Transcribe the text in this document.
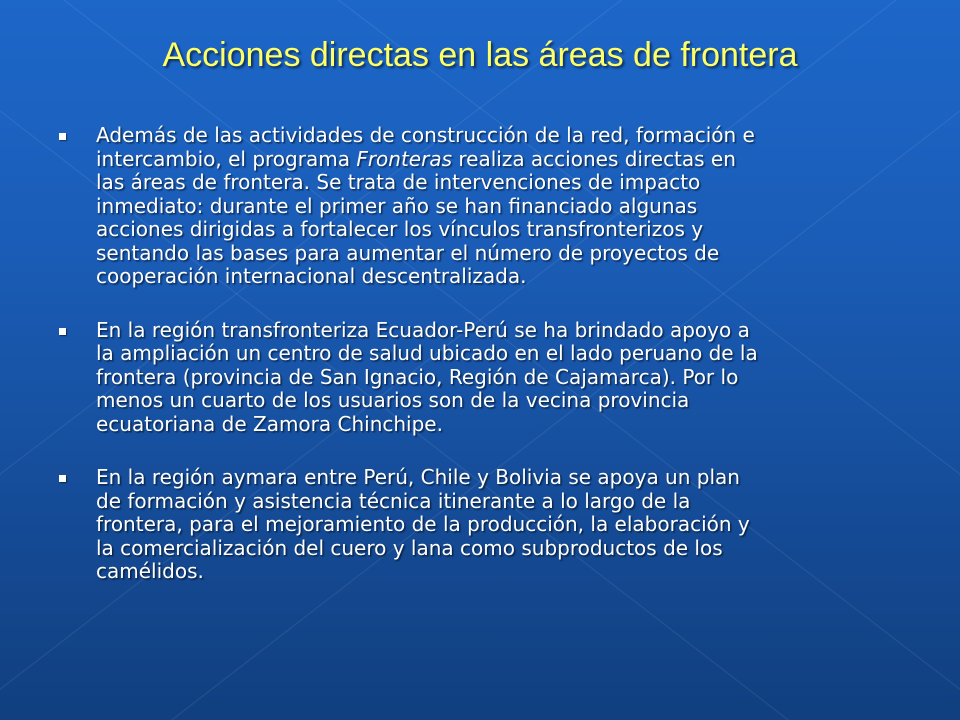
Acciones directas en las áreas de frontera
Además de las actividades de construcción de la red, formación e
intercambio, el programa Fronteras realiza acciones directas en
las áreas de frontera. Se trata de intervenciones de impacto
inmediato: durante el primer año se han financiado algunas
acciones dirigidas a fortalecer los vínculos transfronterizos y
sentando las bases para aumentar el número de proyectos de
cooperación internacional descentralizada.
En la región transfronteriza Ecuador-Perú se ha brindado apoyo a
la ampliación un centro de salud ubicado en el lado peruano de la
frontera (provincia de San Ignacio, Región de Cajamarca). Por lo
menos un cuarto de los usuarios son de la vecina provincia
ecuatoriana de Zamora Chinchipe.
En la región aymara entre Perú, Chile y Bolivia se apoya un plan
de formación y asistencia técnica itinerante a lo largo de la
frontera, para el mejoramiento de la producción, la elaboración y
la comercialización del cuero y lana como subproductos de los
camélidos.
